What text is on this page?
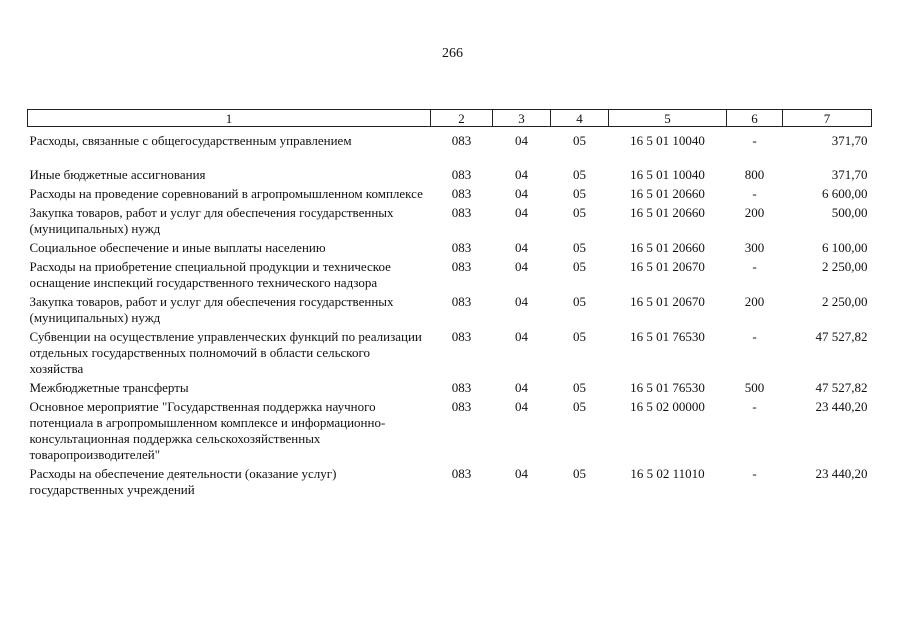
266
1	2	3	4	5	6	7
Расходы, связанные с общегосударственным управлением	083	04	05	16 5 01 10040	-	371,70
Иные бюджетные ассигнования	083	04	05	16 5 01 10040	800	371,70
Расходы на проведение соревнований в агропромышленном комплексе	083	04	05	16 5 01 20660	-	6 600,00
Закупка товаров, работ и услуг для обеспечения государственных (муниципальных) нужд	083	04	05	16 5 01 20660	200	500,00
Социальное обеспечение и иные выплаты населению	083	04	05	16 5 01 20660	300	6 100,00
Расходы на приобретение специальной продукции и техническое оснащение инспекций государственного технического надзора	083	04	05	16 5 01 20670	-	2 250,00
Закупка товаров, работ и услуг для обеспечения государственных (муниципальных) нужд	083	04	05	16 5 01 20670	200	2 250,00
Субвенции на осуществление управленческих функций по реализации отдельных государственных полномочий в области сельского хозяйства	083	04	05	16 5 01 76530	-	47 527,82
Межбюджетные трансферты	083	04	05	16 5 01 76530	500	47 527,82
Основное мероприятие "Государственная поддержка научного потенциала в агропромышленном комплексе и информационно-консультационная поддержка сельскохозяйственных товаропроизводителей"	083	04	05	16 5 02 00000	-	23 440,20
Расходы на обеспечение деятельности (оказание услуг) государственных учреждений	083	04	05	16 5 02 11010	-	23 440,20
